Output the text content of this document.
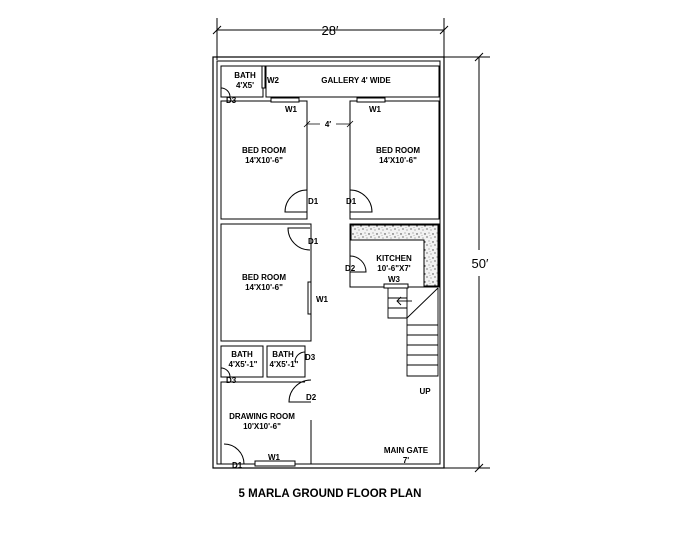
BATH
4'X5'
W2	GALLERY 4' WIDE
D3
W1	W1
4′
BED ROOM
14'X10'-6"
BED ROOM
14'X10'-6"
D1	D1
D1
BED ROOM
14'X10'-6"
W1
KITCHEN
10'-6"X7'
D2
W3
BATH
4'X5'-1"
BATH
4'X5'-1"
D3
D3
D2
DRAWING ROOM
10'X10'-6"
UP
MAIN GATE
7'
D1
W1
28′
50′
5 MARLA GROUND FLOOR PLAN
